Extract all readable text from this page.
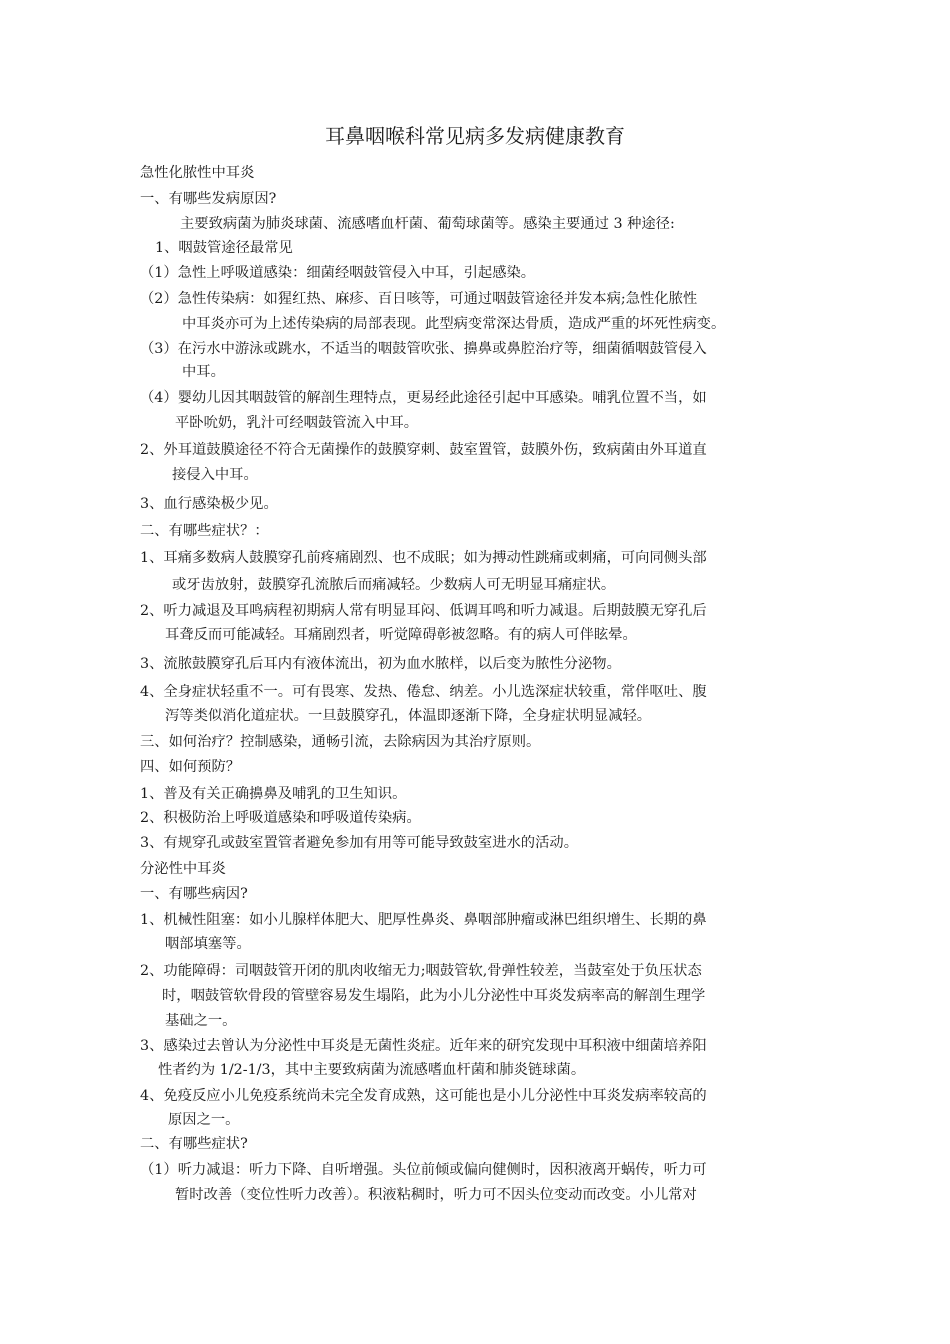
耳鼻咽喉科常见病多发病健康教育
急性化脓性中耳炎
一、有哪些发病原因?
主要致病菌为肺炎球菌、流感嗜血杆菌、葡萄球菌等。感染主要通过 3 种途径:
1、咽鼓管途径最常见
（1）急性上呼吸道感染：细菌经咽鼓管侵入中耳，引起感染。
（2）急性传染病：如猩红热、麻疹、百日咳等，可通过咽鼓管途径并发本病;急性化脓性
中耳炎亦可为上述传染病的局部表现。此型病变常深达骨质，造成严重的坏死性病变。
（3）在污水中游泳或跳水，不适当的咽鼓管吹张、擤鼻或鼻腔治疗等，细菌循咽鼓管侵入
中耳。
（4）婴幼儿因其咽鼓管的解剖生理特点，更易经此途径引起中耳感染。哺乳位置不当，如
平卧吮奶，乳汁可经咽鼓管流入中耳。
2、外耳道鼓膜途径不符合无菌操作的鼓膜穿刺、鼓室置管，鼓膜外伤，致病菌由外耳道直
接侵入中耳。
3、血行感染极少见。
二、有哪些症状？：
1、耳痛多数病人鼓膜穿孔前疼痛剧烈、也不成眠；如为搏动性跳痛或刺痛，可向同侧头部
或牙齿放射，鼓膜穿孔流脓后而痛减轻。少数病人可无明显耳痛症状。
2、听力减退及耳鸣病程初期病人常有明显耳闷、低调耳鸣和听力减退。后期鼓膜无穿孔后
耳聋反而可能减轻。耳痛剧烈者，听觉障碍彰被忽略。有的病人可伴眩晕。
3、流脓鼓膜穿孔后耳内有液体流出，初为血水脓样，以后变为脓性分泌物。
4、全身症状轻重不一。可有畏寒、发热、倦怠、纳差。小儿选深症状较重，常伴呕吐、腹
泻等类似消化道症状。一旦鼓膜穿孔，体温即逐渐下降，全身症状明显减轻。
三、如何治疗？控制感染，通畅引流，去除病因为其治疗原则。
四、如何预防？
1、普及有关正确擤鼻及哺乳的卫生知识。
2、积极防治上呼吸道感染和呼吸道传染病。
3、有规穿孔或鼓室置管者避免参加有用等可能导致鼓室进水的活动。
分泌性中耳炎
一、有哪些病因?
1、机械性阻塞：如小儿腺样体肥大、肥厚性鼻炎、鼻咽部肿瘤或淋巴组织增生、长期的鼻
咽部填塞等。
2、功能障碍：司咽鼓管开闭的肌肉收缩无力;咽鼓管软,骨弹性较差，当鼓室处于负压状态
时，咽鼓管软骨段的管壁容易发生塌陷，此为小儿分泌性中耳炎发病率高的解剖生理学
基础之一。
3、感染过去曾认为分泌性中耳炎是无菌性炎症。近年来的研究发现中耳积液中细菌培养阳
性者约为 1/2-1/3，其中主要致病菌为流感嗜血杆菌和肺炎链球菌。
4、免疫反应小儿免疫系统尚未完全发育成熟，这可能也是小儿分泌性中耳炎发病率较高的
原因之一。
二、有哪些症状?
（1）听力减退：听力下降、自听增强。头位前倾或偏向健侧时，因积液离开蜗传，听力可
暂时改善（变位性听力改善）。积液粘稠时，听力可不因头位变动而改变。小儿常对
